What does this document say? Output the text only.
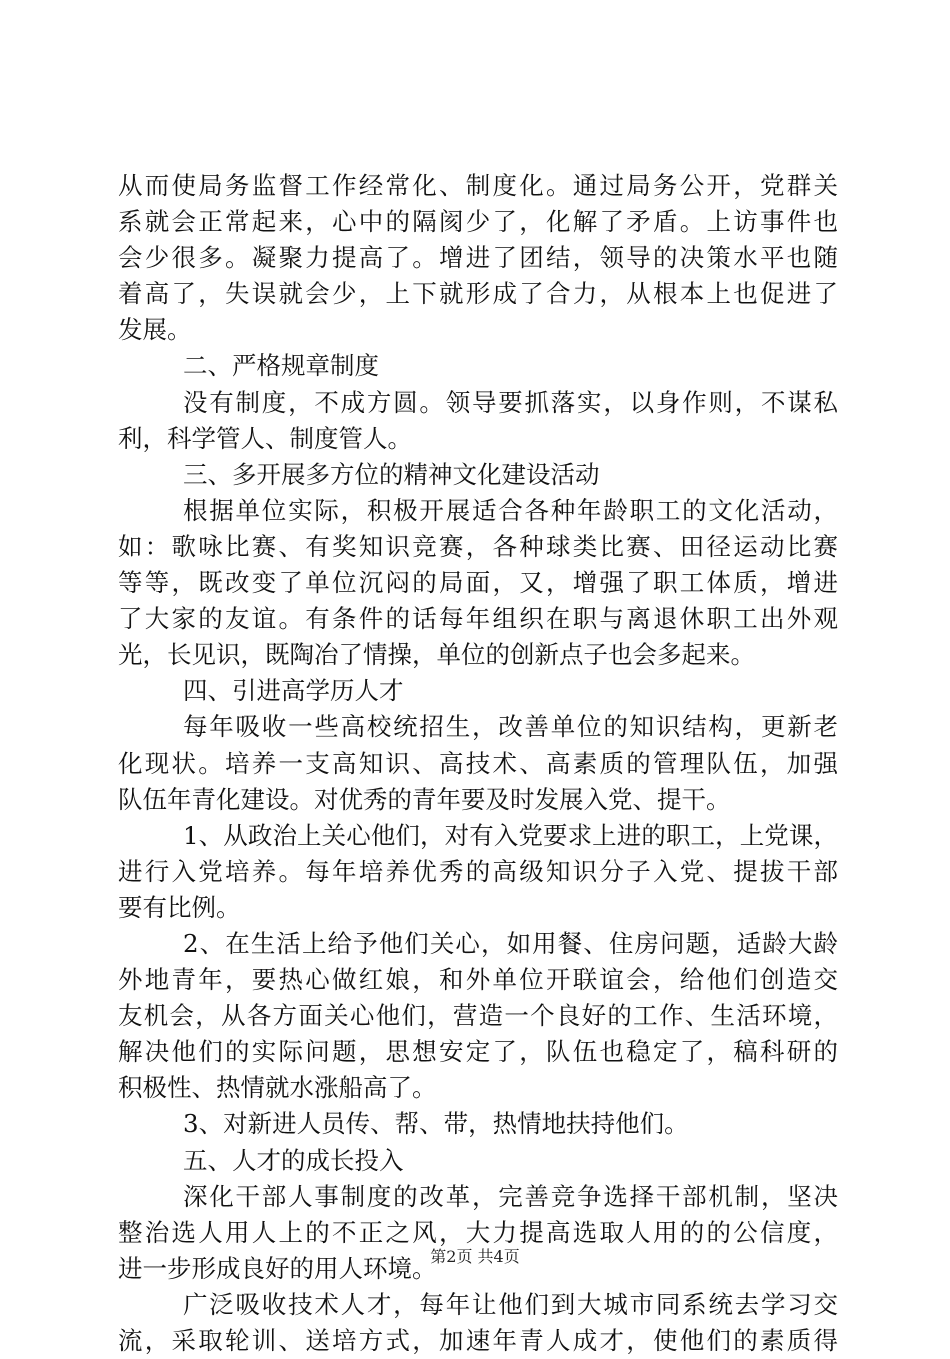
从而使局务监督工作经常化、制度化。通过局务公开，党群关
系就会正常起来，心中的隔阂少了，化解了矛盾。上访事件也
会少很多。凝聚力提高了。增进了团结，领导的决策水平也随
着高了，失误就会少，上下就形成了合力，从根本上也促进了
发展。
二、严格规章制度
没有制度，不成方圆。领导要抓落实，以身作则，不谋私
利，科学管人、制度管人。
三、多开展多方位的精神文化建设活动
根据单位实际，积极开展适合各种年龄职工的文化活动，
如：歌咏比赛、有奖知识竞赛，各种球类比赛、田径运动比赛
等等，既改变了单位沉闷的局面，又，增强了职工体质，增进
了大家的友谊。有条件的话每年组织在职与离退休职工出外观
光，长见识，既陶冶了情操，单位的创新点子也会多起来。
四、引进高学历人才
每年吸收一些高校统招生，改善单位的知识结构，更新老
化现状。培养一支高知识、高技术、高素质的管理队伍，加强
队伍年青化建设。对优秀的青年要及时发展入党、提干。
1、从政治上关心他们，对有入党要求上进的职工，上党课，
进行入党培养。每年培养优秀的高级知识分子入党、提拔干部
要有比例。
2、在生活上给予他们关心，如用餐、住房问题，适龄大龄
外地青年，要热心做红娘，和外单位开联谊会，给他们创造交
友机会，从各方面关心他们，营造一个良好的工作、生活环境，
解决他们的实际问题，思想安定了，队伍也稳定了，稿科研的
积极性、热情就水涨船高了。
3、对新进人员传、帮、带，热情地扶持他们。
五、人才的成长投入
深化干部人事制度的改革，完善竞争选择干部机制，坚决
整治选人用人上的不正之风，大力提高选取人用的的公信度，
进一步形成良好的用人环境。
广泛吸收技术人才，每年让他们到大城市同系统去学习交
流，采取轮训、送培方式，加速年青人成才，使他们的素质得
第2页 共4页
